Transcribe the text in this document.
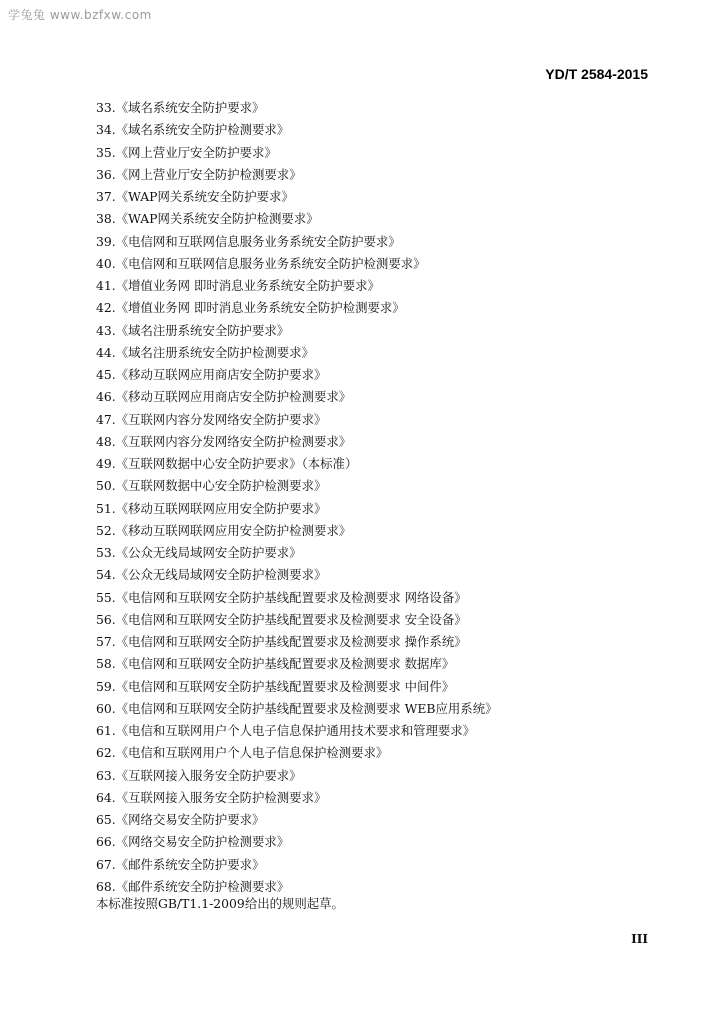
学兔兔 www.bzfxw.com
YD/T 2584-2015
33.《域名系统安全防护要求》
34.《域名系统安全防护检测要求》
35.《网上营业厅安全防护要求》
36.《网上营业厅安全防护检测要求》
37.《WAP网关系统安全防护要求》
38.《WAP网关系统安全防护检测要求》
39.《电信网和互联网信息服务业务系统安全防护要求》
40.《电信网和互联网信息服务业务系统安全防护检测要求》
41.《增值业务网 即时消息业务系统安全防护要求》
42.《增值业务网 即时消息业务系统安全防护检测要求》
43.《域名注册系统安全防护要求》
44.《域名注册系统安全防护检测要求》
45.《移动互联网应用商店安全防护要求》
46.《移动互联网应用商店安全防护检测要求》
47.《互联网内容分发网络安全防护要求》
48.《互联网内容分发网络安全防护检测要求》
49.《互联网数据中心安全防护要求》（本标准）
50.《互联网数据中心安全防护检测要求》
51.《移动互联网联网应用安全防护要求》
52.《移动互联网联网应用安全防护检测要求》
53.《公众无线局域网安全防护要求》
54.《公众无线局域网安全防护检测要求》
55.《电信网和互联网安全防护基线配置要求及检测要求 网络设备》
56.《电信网和互联网安全防护基线配置要求及检测要求 安全设备》
57.《电信网和互联网安全防护基线配置要求及检测要求 操作系统》
58.《电信网和互联网安全防护基线配置要求及检测要求 数据库》
59.《电信网和互联网安全防护基线配置要求及检测要求 中间件》
60.《电信网和互联网安全防护基线配置要求及检测要求 WEB应用系统》
61.《电信和互联网用户个人电子信息保护通用技术要求和管理要求》
62.《电信和互联网用户个人电子信息保护检测要求》
63.《互联网接入服务安全防护要求》
64.《互联网接入服务安全防护检测要求》
65.《网络交易安全防护要求》
66.《网络交易安全防护检测要求》
67.《邮件系统安全防护要求》
68.《邮件系统安全防护检测要求》
本标准按照GB/T1.1-2009给出的规则起草。
III
